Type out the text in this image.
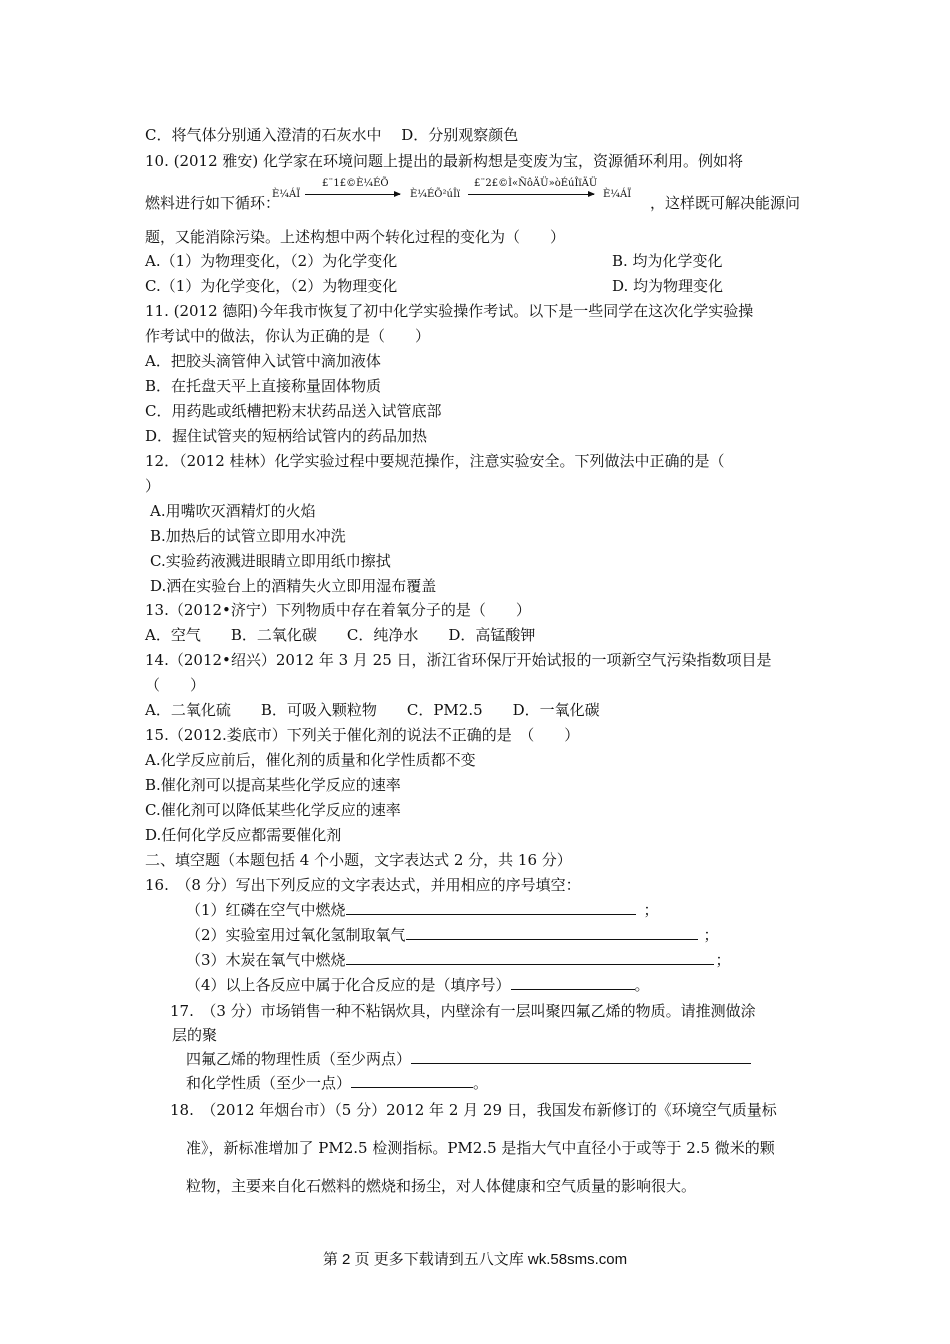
C．将气体分别通入澄清的石灰水中　 D．分别观察颜色
10. (2012 雅安) 化学家在环境问题上提出的最新构想是变废为宝，资源循环利用。例如将
燃料进行如下循环：
È¼ÁÏ
£¨1£©È¼ÉÕ
È¼ÉÕ²úÎï
£¨2£©Ì«ÑôÄÜ»òÉúÎïÄÜ
È¼ÁÏ ，这样既可解决能源问
题，又能消除污染。上述构想中两个转化过程的变化为（　　）
A.（1）为物理变化，（2）为化学变化	B. 均为化学变化
C.（1）为化学变化，（2）为物理变化	D. 均为物理变化
11. (2012 德阳)今年我市恢复了初中化学实验操作考试。以下是一些同学在这次化学实验操
作考试中的做法，你认为正确的是（　　）
A．把胶头滴管伸入试管中滴加液体
B．在托盘天平上直接称量固体物质
C．用药匙或纸槽把粉末状药品送入试管底部
D．握住试管夹的短柄给试管内的药品加热
12．（2012 桂林）化学实验过程中要规范操作，注意实验安全。下列做法中正确的是（
）
A.用嘴吹灭酒精灯的火焰
B.加热后的试管立即用水冲洗
C.实验药液溅进眼睛立即用纸巾擦拭
D.洒在实验台上的酒精失火立即用湿布覆盖
13.（2012•济宁）下列物质中存在着氧分子的是（　　）
A．空气　　B．二氧化碳　　C．纯净水　　D．高锰酸钾
14.（2012•绍兴）2012 年 3 月 25 日，浙江省环保厅开始试报的一项新空气污染指数项目是
（　　）
A．二氧化硫　　B．可吸入颗粒物　　C．PM2.5　　D．一氧化碳
15.（2012.娄底市）下列关于催化剂的说法不正确的是　（　　）
A.化学反应前后，催化剂的质量和化学性质都不变
B.催化剂可以提高某些化学反应的速率
C.催化剂可以降低某些化学反应的速率
D.任何化学反应都需要催化剂
二、填空题（本题包括 4 个小题，文字表达式 2 分，共 16 分）
16.　（8 分）写出下列反应的文字表达式，并用相应的序号填空：
（1）红磷在空气中燃烧	；
（2）实验室用过氧化氢制取氧气	；
（3）木炭在氧气中燃烧	；
（4）以上各反应中属于化合反应的是（填序号）	。
17.　（3 分）市场销售一种不粘锅炊具，内壁涂有一层叫聚四氟乙烯的物质。请推测做涂
层的聚
四氟乙烯的物理性质（至少两点）
和化学性质（至少一点）	。
18.　（2012 年烟台市）（5 分）2012 年 2 月 29 日，我国发布新修订的《环境空气质量标
准》，新标准增加了 PM2.5 检测指标。PM2.5 是指大气中直径小于或等于 2.5 微米的颗
粒物，主要来自化石燃料的燃烧和扬尘，对人体健康和空气质量的影响很大。
第 2 页 更多下载请到五八文库 wk.58sms.com
